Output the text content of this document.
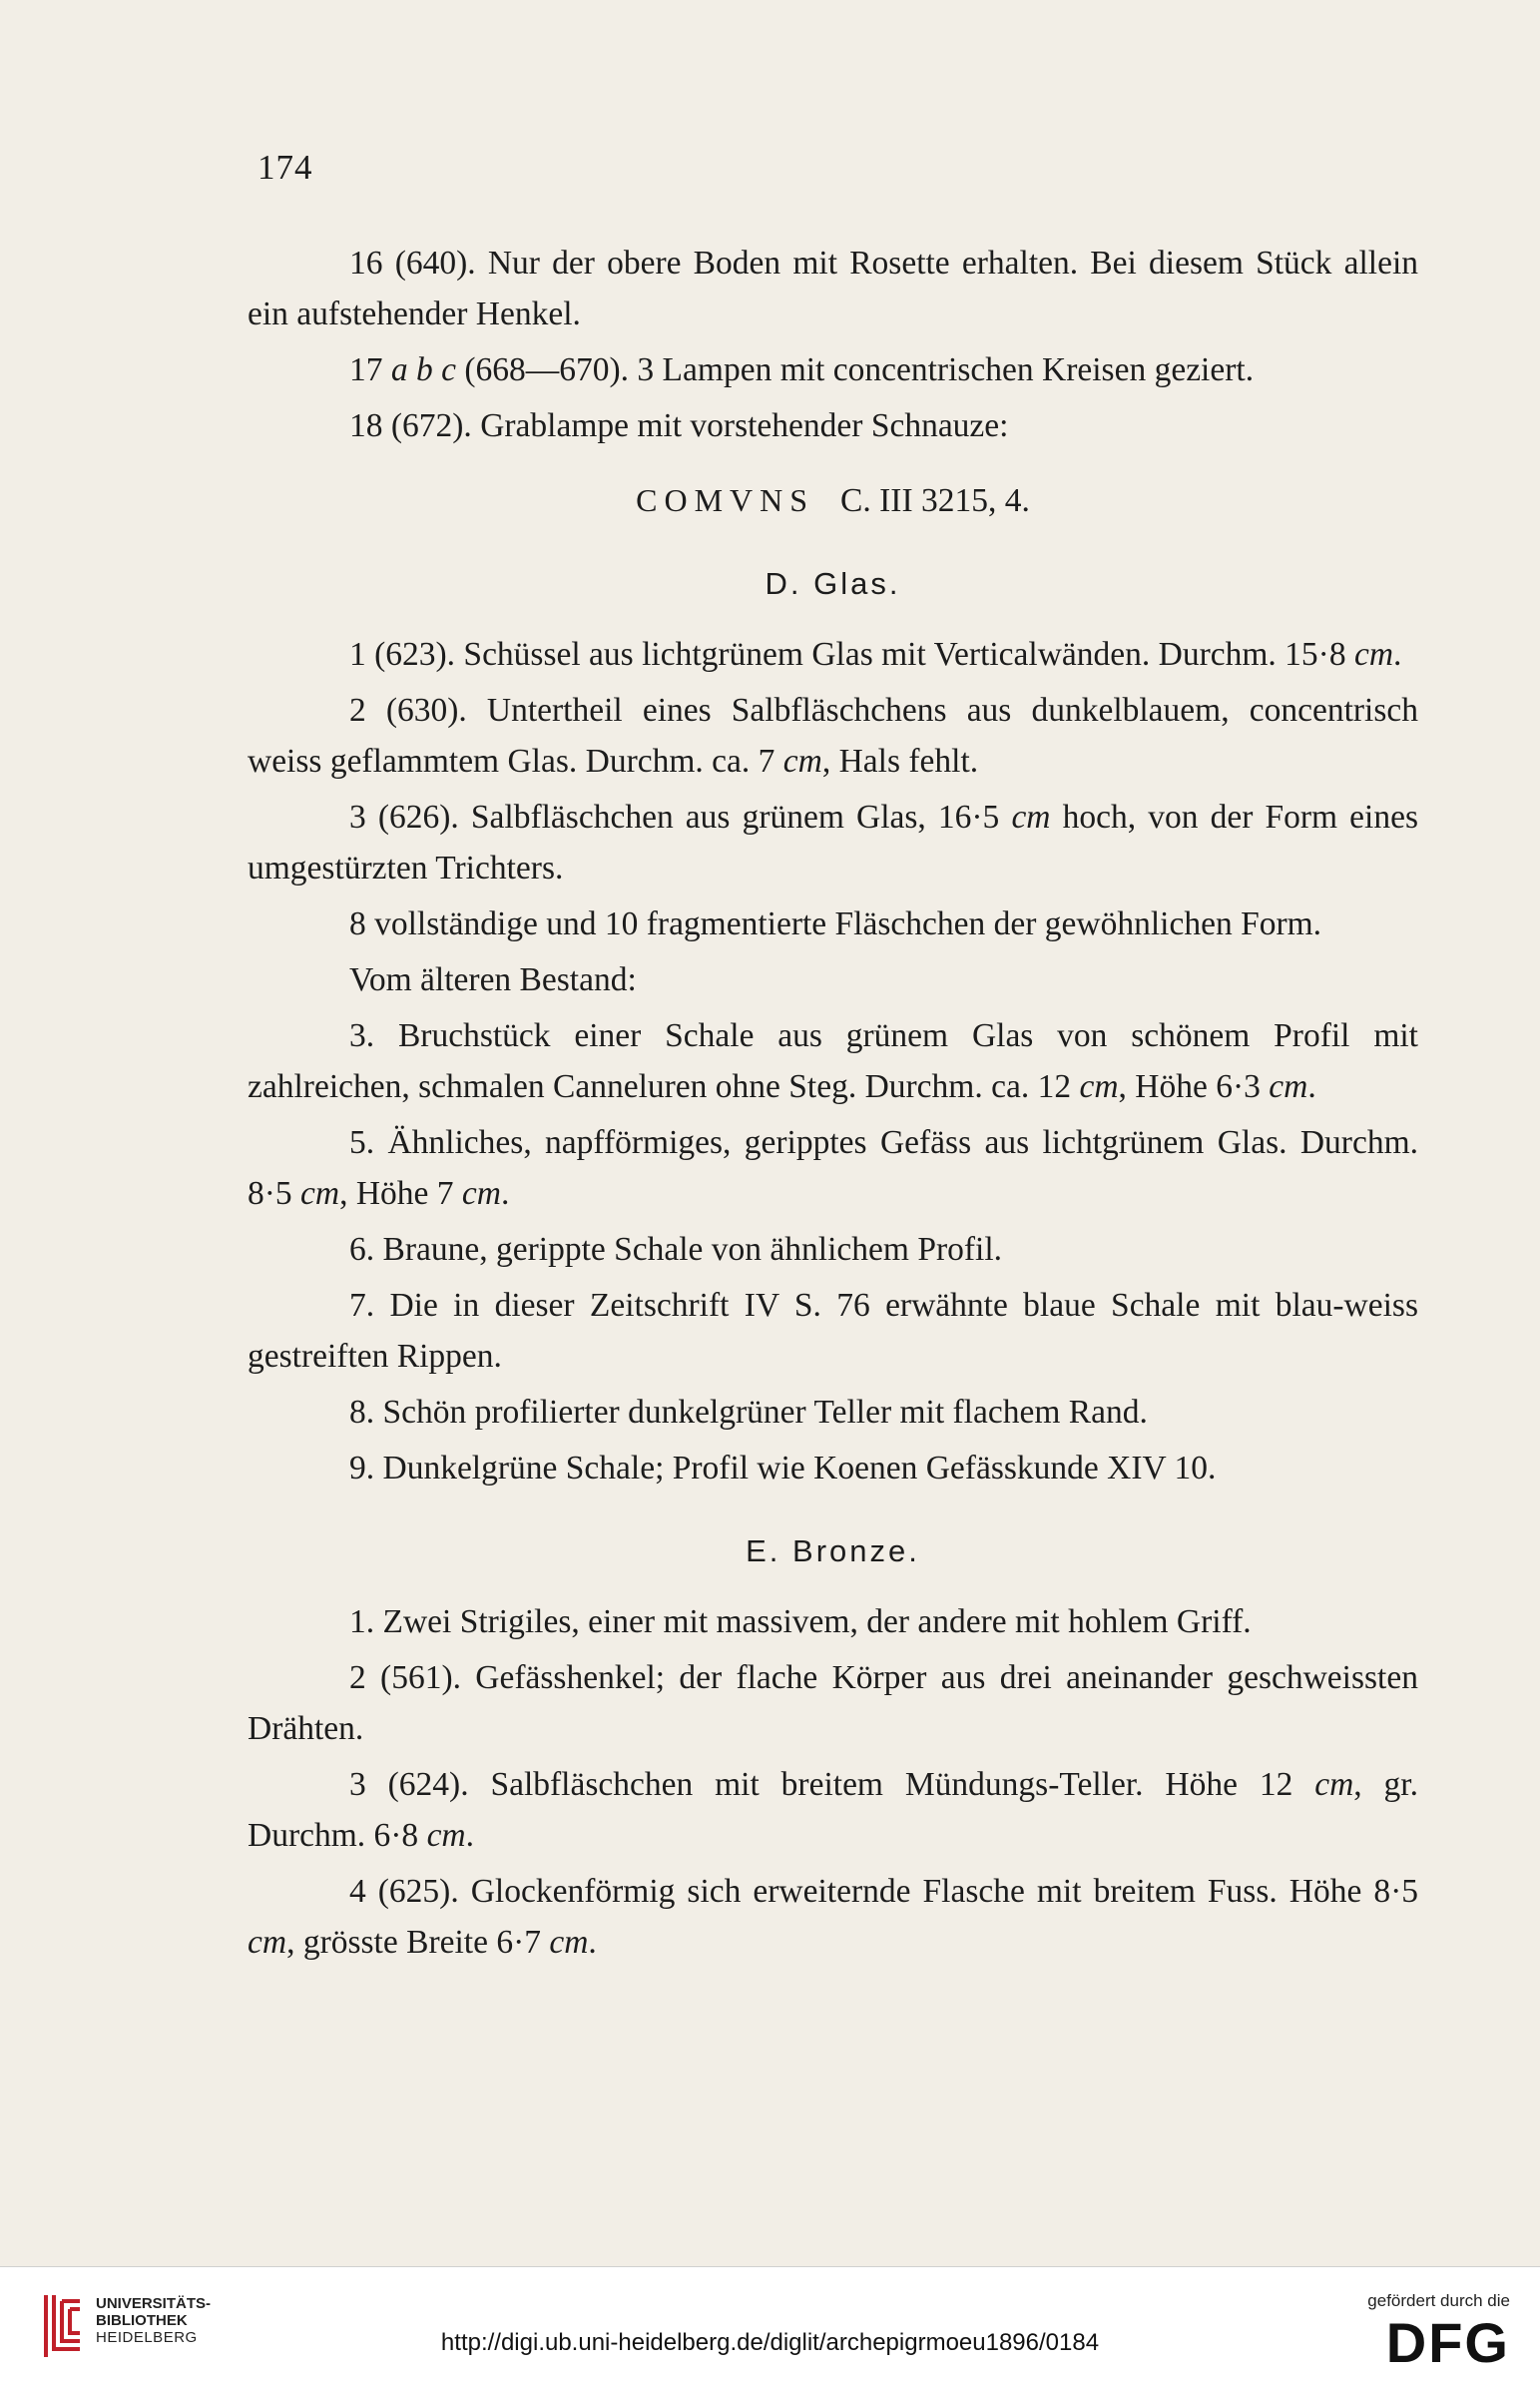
174

16 (640). Nur der obere Boden mit Rosette erhalten. Bei diesem Stück allein ein aufstehender Henkel.

17 a b c (668—670). 3 Lampen mit concentrischen Kreisen geziert.

18 (672). Grablampe mit vorstehender Schnauze:

COMVNS C. III 3215, 4.
D. Glas.

1 (623). Schüssel aus lichtgrünem Glas mit Verticalwänden. Durchm. 15·8 cm.

2 (630). Untertheil eines Salbfläschchens aus dunkelblauem, concentrisch weiss geflammtem Glas. Durchm. ca. 7 cm, Hals fehlt.

3 (626). Salbfläschchen aus grünem Glas, 16·5 cm hoch, von der Form eines umgestürzten Trichters.

8 vollständige und 10 fragmentierte Fläschchen der gewöhnlichen Form.

Vom älteren Bestand:

3. Bruchstück einer Schale aus grünem Glas von schönem Profil mit zahlreichen, schmalen Canneluren ohne Steg. Durchm. ca. 12 cm, Höhe 6·3 cm.

5. Ähnliches, napfförmiges, geripptes Gefäss aus lichtgrünem Glas. Durchm. 8·5 cm, Höhe 7 cm.

6. Braune, gerippte Schale von ähnlichem Profil.

7. Die in dieser Zeitschrift IV S. 76 erwähnte blaue Schale mit blau-weiss gestreiften Rippen.

8. Schön profilierter dunkelgrüner Teller mit flachem Rand.

9. Dunkelgrüne Schale; Profil wie Koenen Gefässkunde XIV 10.

E. Bronze.

1. Zwei Strigiles, einer mit massivem, der andere mit hohlem Griff.

2 (561). Gefässhenkel; der flache Körper aus drei aneinander geschweissten Drähten.

3 (624). Salbfläschchen mit breitem Mündungs-Teller. Höhe 12 cm, gr. Durchm. 6·8 cm.

4 (625). Glockenförmig sich erweiternde Flasche mit breitem Fuss. Höhe 8·5 cm, grösste Breite 6·7 cm.

UNIVERSITÄTS-
BIBLIOTHEK
HEIDELBERG	http://digi.ub.uni-heidelberg.de/diglit/archepigrmoeu1896/0184
gefördert durch die
DFG
